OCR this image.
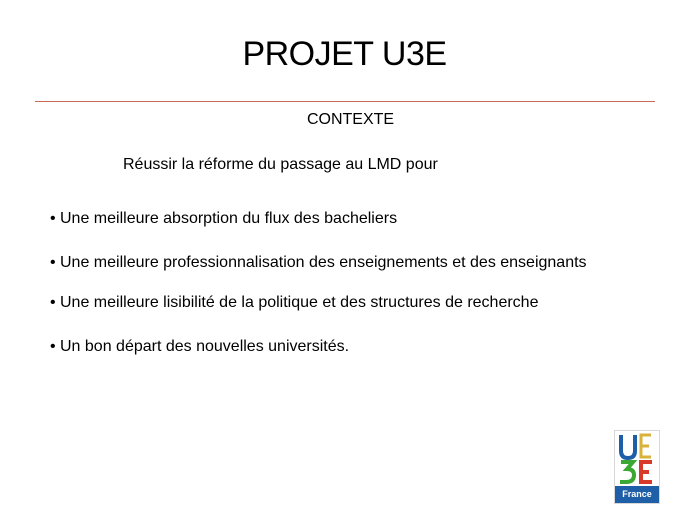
PROJET U3E
CONTEXTE
Réussir la réforme du passage au LMD pour
• Une meilleure absorption du flux des bacheliers
• Une meilleure professionnalisation des enseignements et des enseignants
• Une meilleure lisibilité de la politique et des structures de recherche
• Un bon départ des nouvelles universités.
France
